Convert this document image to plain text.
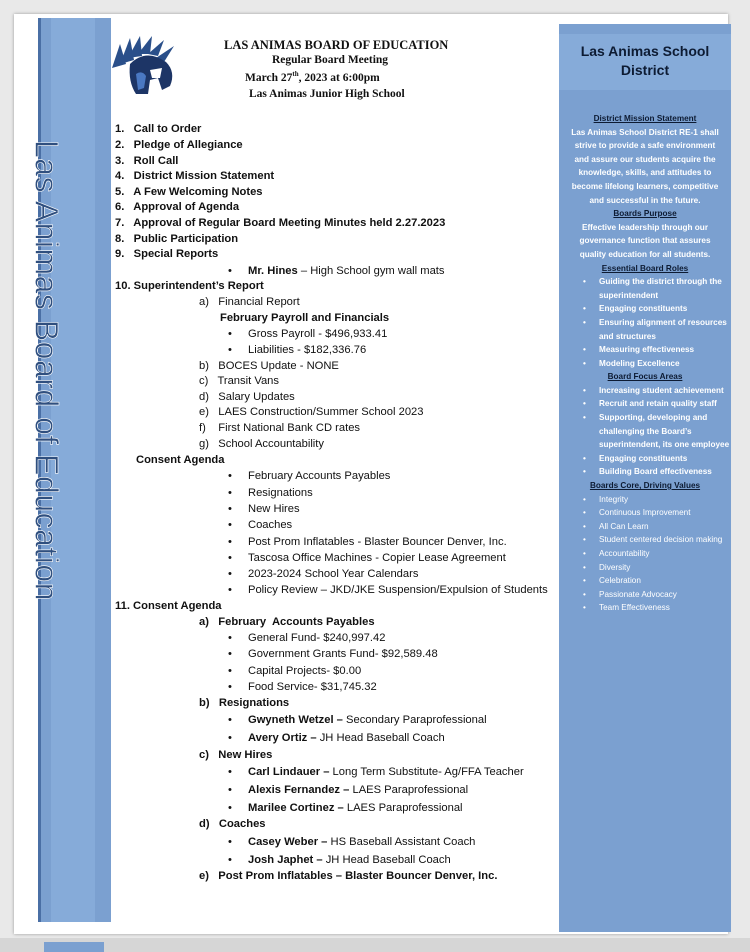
Las Animas Board of Education
LAS ANIMAS BOARD OF EDUCATION
Regular Board Meeting
March 27th, 2023 at 6:00pm
Las Animas Junior High School
1.   Call to Order
2.   Pledge of Allegiance
3.   Roll Call
4.   District Mission Statement
5.   A Few Welcoming Notes
6.   Approval of Agenda
7.   Approval of Regular Board Meeting Minutes held 2.27.2023
8.   Public Participation
9.   Special Reports
• Mr. Hines – High School gym wall mats
10. Superintendent’s Report
a)   Financial Report
February Payroll and Financials
• Gross Payroll - $496,933.41
• Liabilities - $182,336.76
b)   BOCES Update - NONE
c)   Transit Vans
d)   Salary Updates
e)   LAES Construction/Summer School 2023
f)    First National Bank CD rates
g)   School Accountability
Consent Agenda
• February Accounts Payables
• Resignations
• New Hires
• Coaches
• Post Prom Inflatables - Blaster Bouncer Denver, Inc.
• Tascosa Office Machines - Copier Lease Agreement
• 2023-2024 School Year Calendars
• Policy Review – JKD/JKE Suspension/Expulsion of Students
11. Consent Agenda
a)   February  Accounts Payables
• General Fund- $240,997.42
• Government Grants Fund- $92,589.48
• Capital Projects- $0.00
• Food Service- $31,745.32
b)   Resignations
• Gwyneth Wetzel – Secondary Paraprofessional
• Avery Ortiz – JH Head Baseball Coach
c)   New Hires
• Carl Lindauer – Long Term Substitute- Ag/FFA Teacher
• Alexis Fernandez – LAES Paraprofessional
• Marilee Cortinez – LAES Paraprofessional
d)   Coaches
• Casey Weber – HS Baseball Assistant Coach
• Josh Japhet – JH Head Baseball Coach
e)   Post Prom Inflatables – Blaster Bouncer Denver, Inc.
Las Animas School District
District Mission Statement
Las Animas School District RE-1 shall strive to provide a safe environment and assure our students acquire the knowledge, skills, and attitudes to become lifelong learners, competitive and successful in the future.
Boards Purpose
Effective leadership through our governance function that assures quality education for all students.
Essential Board Roles
• Guiding the district through the superintendent
• Engaging constituents
• Ensuring alignment of resources and structures
• Measuring effectiveness
• Modeling Excellence
Board Focus Areas
• Increasing student achievement
• Recruit and retain quality staff
• Supporting, developing and challenging the Board’s superintendent, its one employee
• Engaging constituents
• Building Board effectiveness
Boards Core, Driving Values
• Integrity
• Continuous Improvement
• All Can Learn
• Student centered decision making
• Accountability
• Diversity
• Celebration
• Passionate Advocacy
• Team Effectiveness
